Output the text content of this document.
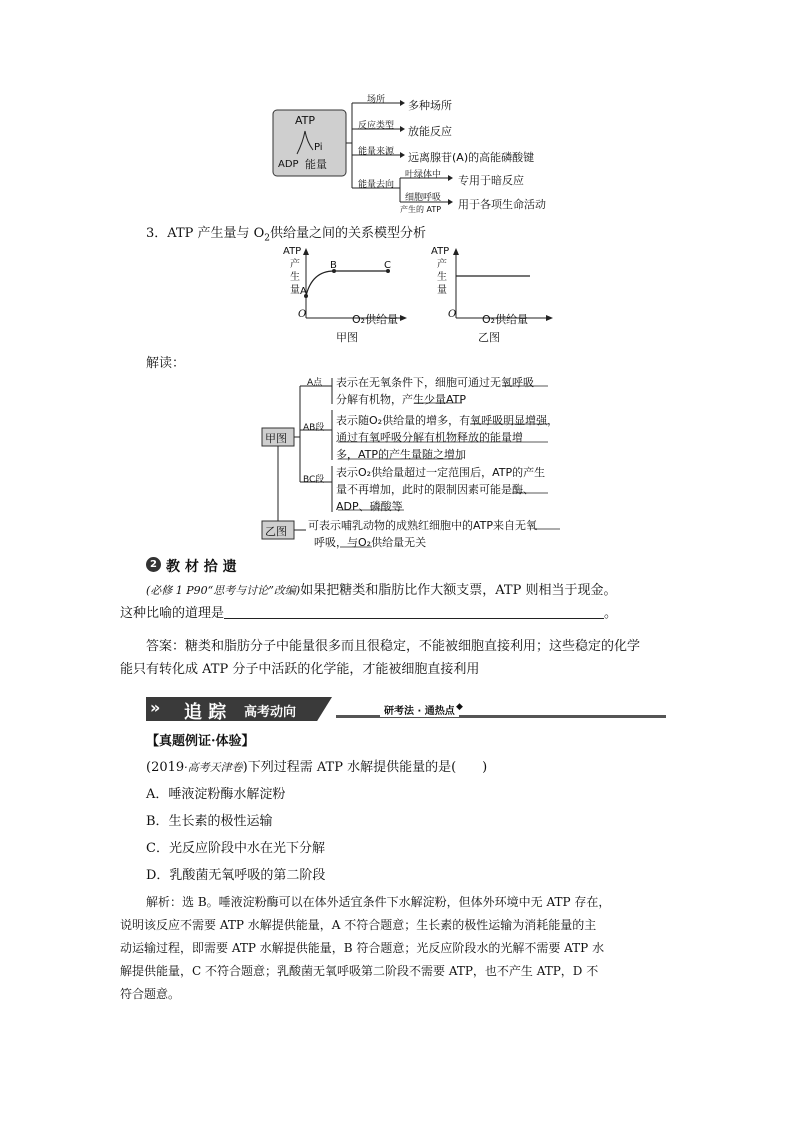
ATP
Pi
ADP 能量
场所 多种场所
反应类型 放能反应
能量来源 远离腺苷(A)的高能磷酸键
能量去向
叶绿体中 专用于暗反应
细胞呼吸
产生的 ATP 用于各项生命活动
3．ATP 产生量与 $O_2$供给量之间的关系模型分析
ATP
产
生
量 A
B	C
O	O₂供给量
甲图
ATP
产
生
量
O O₂供给量
乙图
解读：
甲图
乙图
A点
AB段
BC段
表示在无氧条件下，细胞可通过无氧呼吸
分解有机物，产生少量ATP
表示随O₂供给量的增多，有氧呼吸明显增强，
通过有氧呼吸分解有机物释放的能量增
多，ATP的产生量随之增加
表示O₂供给量超过一定范围后，ATP的产生
量不再增加，此时的限制因素可能是酶、
ADP、磷酸等
可表示哺乳动物的成熟红细胞中的ATP来自无氧
呼吸，与O₂供给量无关
2 教 材 拾 遗
(必修 1 P90“思考与讨论”改编)如果把糖类和脂肪比作大额支票，ATP 则相当于现金。
这种比喻的道理是	。
答案：糖类和脂肪分子中能量很多而且很稳定，不能被细胞直接利用；这些稳定的化学
能只有转化成 ATP 分子中活跃的化学能，才能被细胞直接利用
» 追 踪 高考动向	研考法 · 通热点 ◆
【真题例证·体验】
(2019·高考天津卷)下列过程需 ATP 水解提供能量的是(　　)
A．唾液淀粉酶水解淀粉
B．生长素的极性运输
C．光反应阶段中水在光下分解
D．乳酸菌无氧呼吸的第二阶段
解析：选 B。唾液淀粉酶可以在体外适宜条件下水解淀粉，但体外环境中无 ATP 存在，
说明该反应不需要 ATP 水解提供能量，A 不符合题意；生长素的极性运输为消耗能量的主
动运输过程，即需要 ATP 水解提供能量，B 符合题意；光反应阶段水的光解不需要 ATP 水
解提供能量，C 不符合题意；乳酸菌无氧呼吸第二阶段不需要 ATP，也不产生 ATP，D 不
符合题意。
